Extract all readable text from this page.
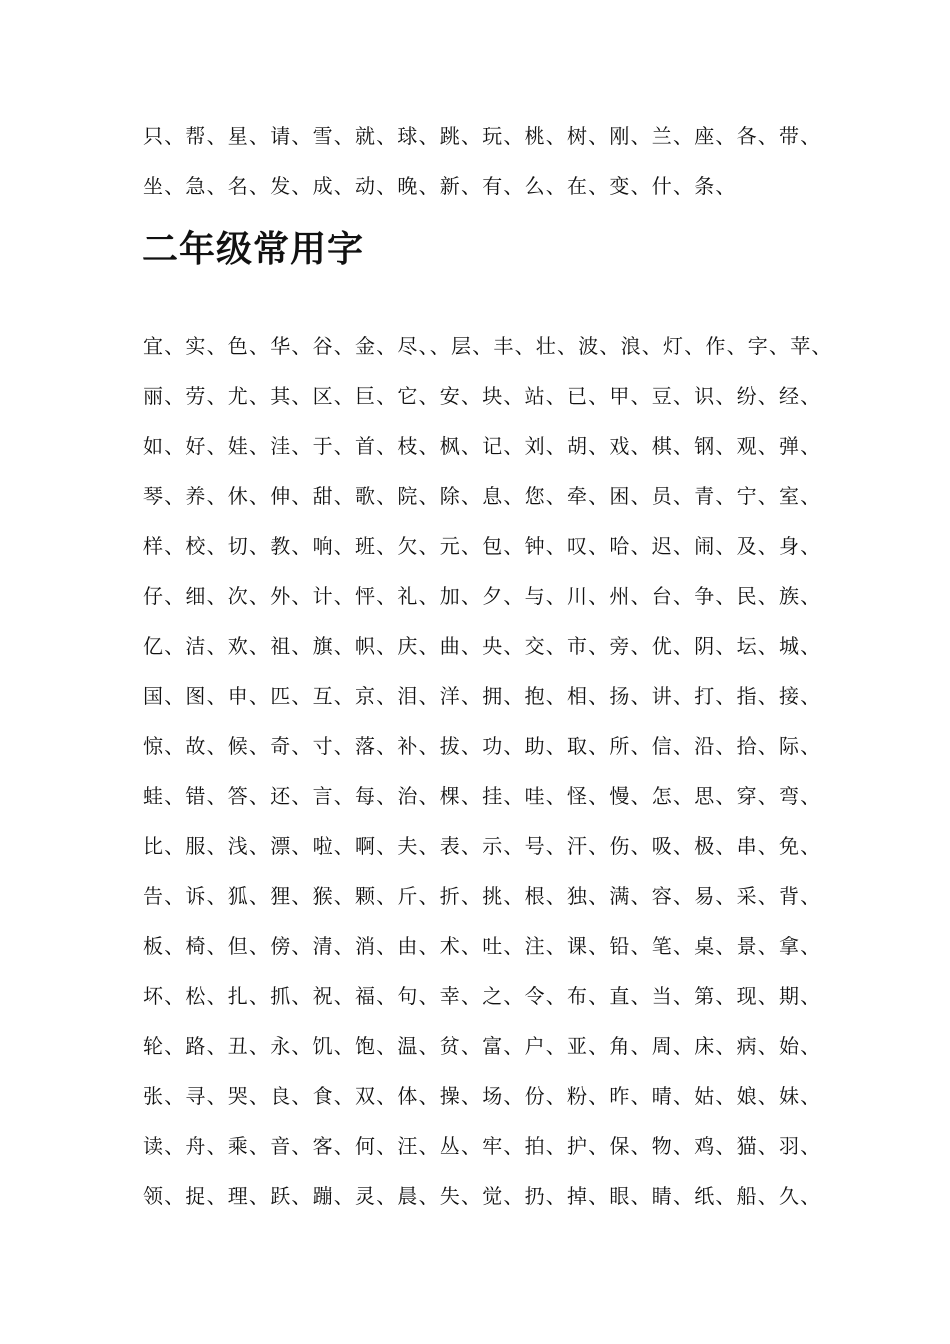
只、帮、星、请、雪、就、球、跳、玩、桃、树、刚、兰、座、各、带、
坐、急、名、发、成、动、晚、新、有、么、在、变、什、条、
二年级常用字
宜、实、色、华、谷、金、尽、、层、丰、壮、波、浪、灯、作、字、苹、
丽、劳、尤、其、区、巨、它、安、块、站、已、甲、豆、识、纷、经、
如、好、娃、洼、于、首、枝、枫、记、刘、胡、戏、棋、钢、观、弹、
琴、养、休、伸、甜、歌、院、除、息、您、牵、困、员、青、宁、室、
样、校、切、教、响、班、欠、元、包、钟、叹、哈、迟、闹、及、身、
仔、细、次、外、计、怦、礼、加、夕、与、川、州、台、争、民、族、
亿、洁、欢、祖、旗、帜、庆、曲、央、交、市、旁、优、阴、坛、城、
国、图、申、匹、互、京、泪、洋、拥、抱、相、扬、讲、打、指、接、
惊、故、候、奇、寸、落、补、拔、功、助、取、所、信、沿、拾、际、
蛙、错、答、还、言、每、治、棵、挂、哇、怪、慢、怎、思、穿、弯、
比、服、浅、漂、啦、啊、夫、表、示、号、汗、伤、吸、极、串、免、
告、诉、狐、狸、猴、颗、斤、折、挑、根、独、满、容、易、采、背、
板、椅、但、傍、清、消、由、术、吐、注、课、铅、笔、桌、景、拿、
坏、松、扎、抓、祝、福、句、幸、之、令、布、直、当、第、现、期、
轮、路、丑、永、饥、饱、温、贫、富、户、亚、角、周、床、病、始、
张、寻、哭、良、食、双、体、操、场、份、粉、昨、晴、姑、娘、妹、
读、舟、乘、音、客、何、汪、丛、牢、拍、护、保、物、鸡、猫、羽、
领、捉、理、跃、蹦、灵、晨、失、觉、扔、掉、眼、睛、纸、船、久、
